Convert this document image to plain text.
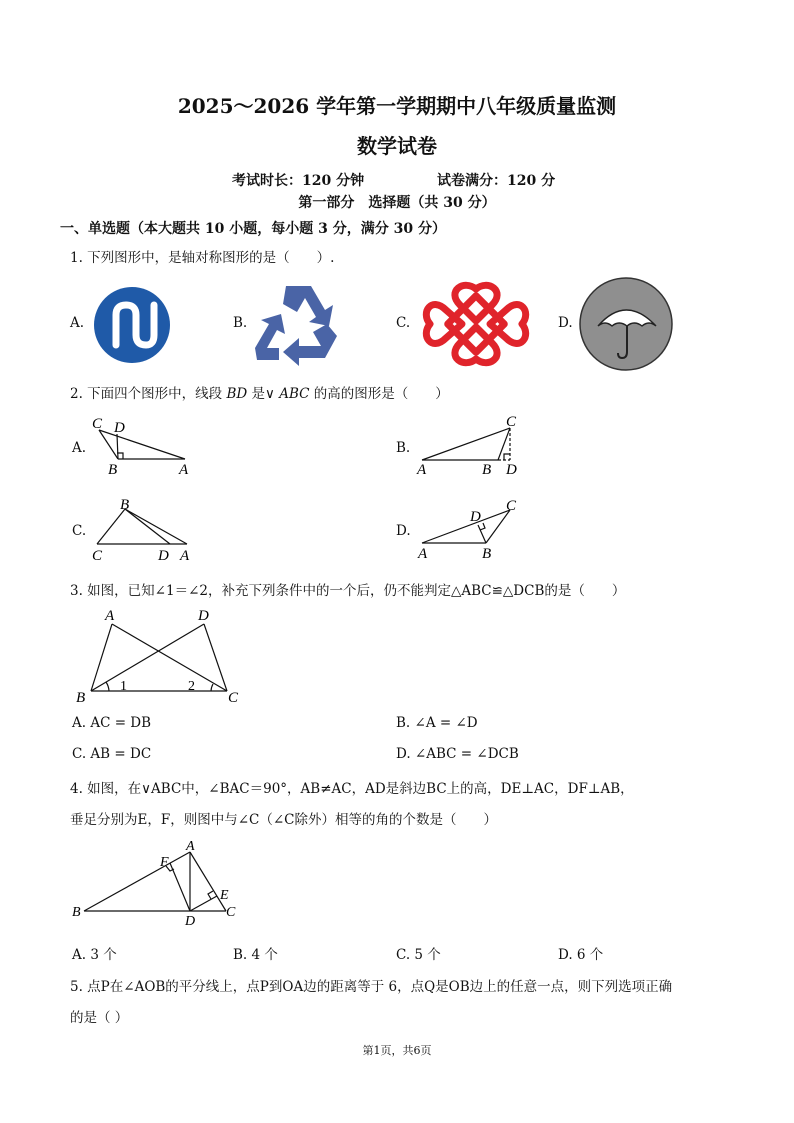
2025～2026 学年第一学期期中八年级质量监测
数学试卷
考试时长：120 分钟	试卷满分：120 分
第一部分　选择题（共 30 分）
一、单选题（本大题共 10 小题，每小题 3 分，满分 30 分）
1. 下列图形中，是轴对称图形的是（　　）.
A.	B.	C.	D.
2. 下面四个图形中，线段 BD 是∨ ABC 的高的图形是（　　）
A.
C D
B	A
B.
C
A	B D
C.
B
C	D A
D.
C
D
A	B
3. 如图，已知∠1＝∠2，补充下列条件中的一个后，仍不能判定△ABC≌△DCB的是（　　）
A	D
B	C
1	2
A. AC = DB	B. ∠A = ∠D
C. AB = DC	D. ∠ABC = ∠DCB
4. 如图，在∨ABC中，∠BAC＝90°，AB≠AC，AD是斜边BC上的高，DE⊥AC，DF⊥AB，
垂足分别为E，F，则图中与∠C（∠C除外）相等的角的个数是（　　）
A
F
E
B
D
C
A. 3 个	B. 4 个	C. 5 个	D. 6 个
5. 点P在∠AOB的平分线上，点P到OA边的距离等于 6，点Q是OB边上的任意一点，则下列选项正确
的是（ ）
第1页，共6页
